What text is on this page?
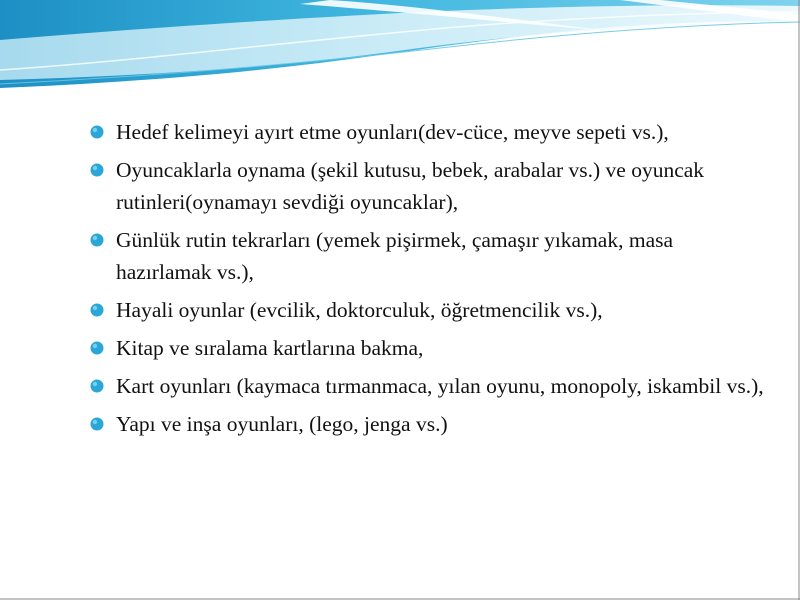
Hedef kelimeyi ayırt etme oyunları(dev-cüce, meyve sepeti vs.),
Oyuncaklarla oynama (şekil kutusu, bebek, arabalar vs.) ve oyuncak rutinleri(oynamayı sevdiği oyuncaklar),
Günlük rutin tekrarları (yemek pişirmek, çamaşır yıkamak, masa hazırlamak vs.),
Hayali oyunlar (evcilik, doktorculuk, öğretmencilik vs.),
Kitap ve sıralama kartlarına bakma,
Kart oyunları (kaymaca tırmanmaca, yılan oyunu, monopoly, iskambil vs.),
Yapı ve inşa oyunları, (lego, jenga vs.)
